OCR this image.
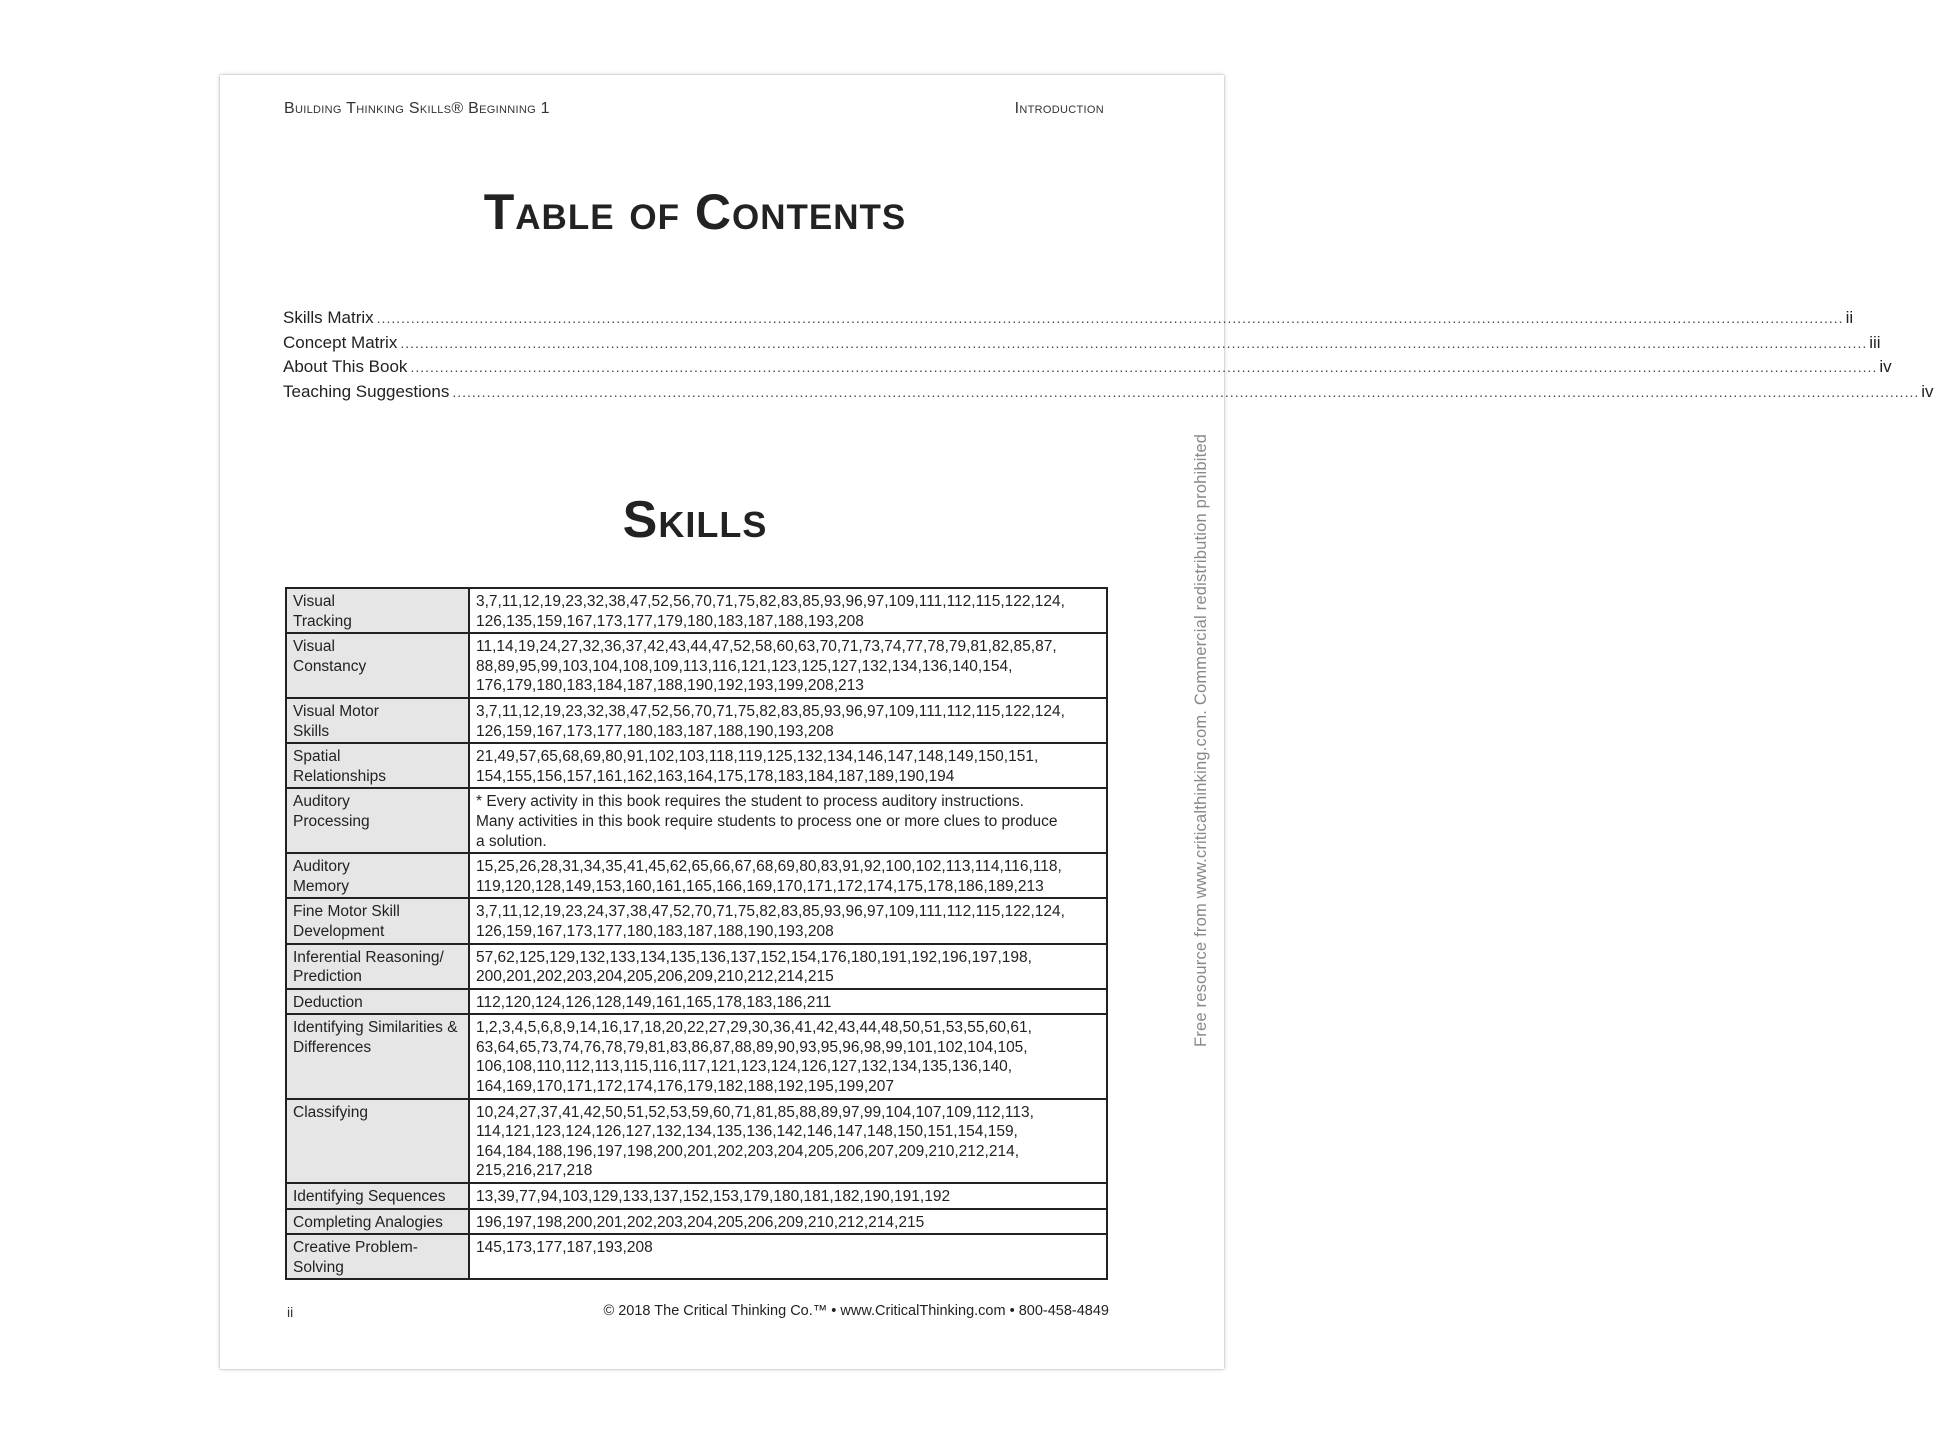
Building Thinking Skills® Beginning 1	Introduction
Table of Contents
Skills Matrix ............................................................................................................................................................................................................................................................................................................ ii
Concept Matrix ............................................................................................................................................................................................................................................................................................................ iii
About This Book ............................................................................................................................................................................................................................................................................................................ iv
Teaching Suggestions ............................................................................................................................................................................................................................................................................................................ iv
Skills
Visual
Tracking	3,7,11,12,19,23,32,38,47,52,56,70,71,75,82,83,85,93,96,97,109,111,112,115,122,124,
126,135,159,167,173,177,179,180,183,187,188,193,208
Visual
Constancy	11,14,19,24,27,32,36,37,42,43,44,47,52,58,60,63,70,71,73,74,77,78,79,81,82,85,87,
88,89,95,99,103,104,108,109,113,116,121,123,125,127,132,134,136,140,154,
176,179,180,183,184,187,188,190,192,193,199,208,213
Visual Motor
Skills	3,7,11,12,19,23,32,38,47,52,56,70,71,75,82,83,85,93,96,97,109,111,112,115,122,124,
126,159,167,173,177,180,183,187,188,190,193,208
Spatial
Relationships	21,49,57,65,68,69,80,91,102,103,118,119,125,132,134,146,147,148,149,150,151,
154,155,156,157,161,162,163,164,175,178,183,184,187,189,190,194
Auditory
Processing	* Every activity in this book requires the student to process auditory instructions.
Many activities in this book require students to process one or more clues to produce
a solution.
Auditory
Memory	15,25,26,28,31,34,35,41,45,62,65,66,67,68,69,80,83,91,92,100,102,113,114,116,118,
119,120,128,149,153,160,161,165,166,169,170,171,172,174,175,178,186,189,213
Fine Motor Skill
Development	3,7,11,12,19,23,24,37,38,47,52,70,71,75,82,83,85,93,96,97,109,111,112,115,122,124,
126,159,167,173,177,180,183,187,188,190,193,208
Inferential Reasoning/
Prediction	57,62,125,129,132,133,134,135,136,137,152,154,176,180,191,192,196,197,198,
200,201,202,203,204,205,206,209,210,212,214,215
Deduction	112,120,124,126,128,149,161,165,178,183,186,211
Identifying Similarities &
Differences	1,2,3,4,5,6,8,9,14,16,17,18,20,22,27,29,30,36,41,42,43,44,48,50,51,53,55,60,61,
63,64,65,73,74,76,78,79,81,83,86,87,88,89,90,93,95,96,98,99,101,102,104,105,
106,108,110,112,113,115,116,117,121,123,124,126,127,132,134,135,136,140,
164,169,170,171,172,174,176,179,182,188,192,195,199,207
Classifying	10,24,27,37,41,42,50,51,52,53,59,60,71,81,85,88,89,97,99,104,107,109,112,113,
114,121,123,124,126,127,132,134,135,136,142,146,147,148,150,151,154,159,
164,184,188,196,197,198,200,201,202,203,204,205,206,207,209,210,212,214,
215,216,217,218
Identifying Sequences	13,39,77,94,103,129,133,137,152,153,179,180,181,182,190,191,192
Completing Analogies	196,197,198,200,201,202,203,204,205,206,209,210,212,214,215
Creative Problem-
Solving	145,173,177,187,193,208
ii	© 2018 The Critical Thinking Co.™ • www.CriticalThinking.com • 800-458-4849
Free resource from www.criticalthinking.com. Commercial redistribution prohibited
